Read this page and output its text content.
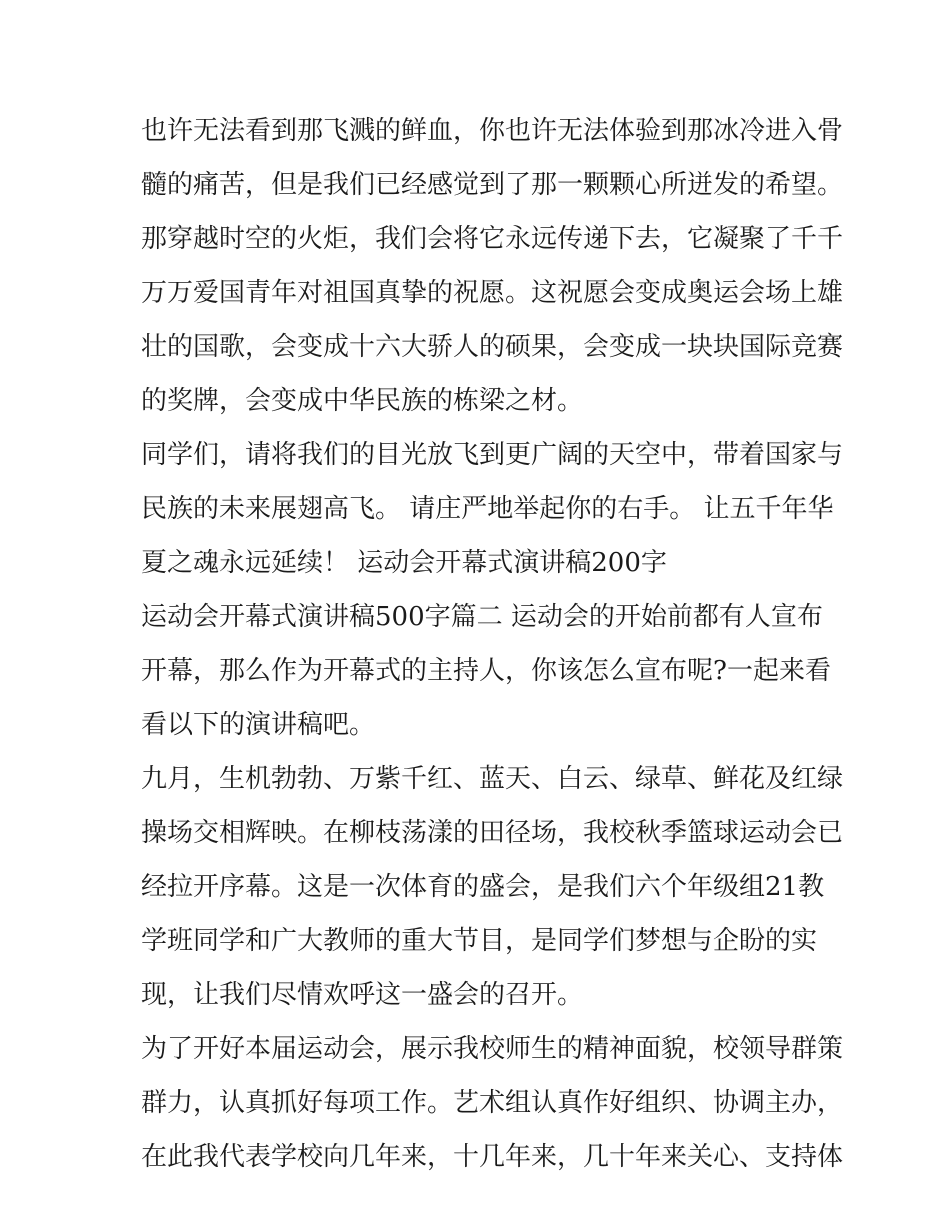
也许无法看到那飞溅的鲜血，你也许无法体验到那冰冷进入骨
髓的痛苦，但是我们已经感觉到了那一颗颗心所迸发的希望。
那穿越时空的火炬，我们会将它永远传递下去，它凝聚了千千
万万爱国青年对祖国真挚的祝愿。这祝愿会变成奥运会场上雄
壮的国歌，会变成十六大骄人的硕果，会变成一块块国际竞赛
的奖牌，会变成中华民族的栋梁之材。
同学们，请将我们的目光放飞到更广阔的天空中，带着国家与
民族的未来展翅高飞。 请庄严地举起你的右手。 让五千年华
夏之魂永远延续！ 运动会开幕式演讲稿200字
运动会开幕式演讲稿500字篇二 运动会的开始前都有人宣布
开幕，那么作为开幕式的主持人，你该怎么宣布呢?一起来看
看以下的演讲稿吧。
九月，生机勃勃、万紫千红、蓝天、白云、绿草、鲜花及红绿
操场交相辉映。在柳枝荡漾的田径场，我校秋季篮球运动会已
经拉开序幕。这是一次体育的盛会，是我们六个年级组21教
学班同学和广大教师的重大节目，是同学们梦想与企盼的实
现，让我们尽情欢呼这一盛会的召开。
为了开好本届运动会，展示我校师生的精神面貌，校领导群策
群力，认真抓好每项工作。艺术组认真作好组织、协调主办，
在此我代表学校向几年来，十几年来，几十年来关心、支持体
